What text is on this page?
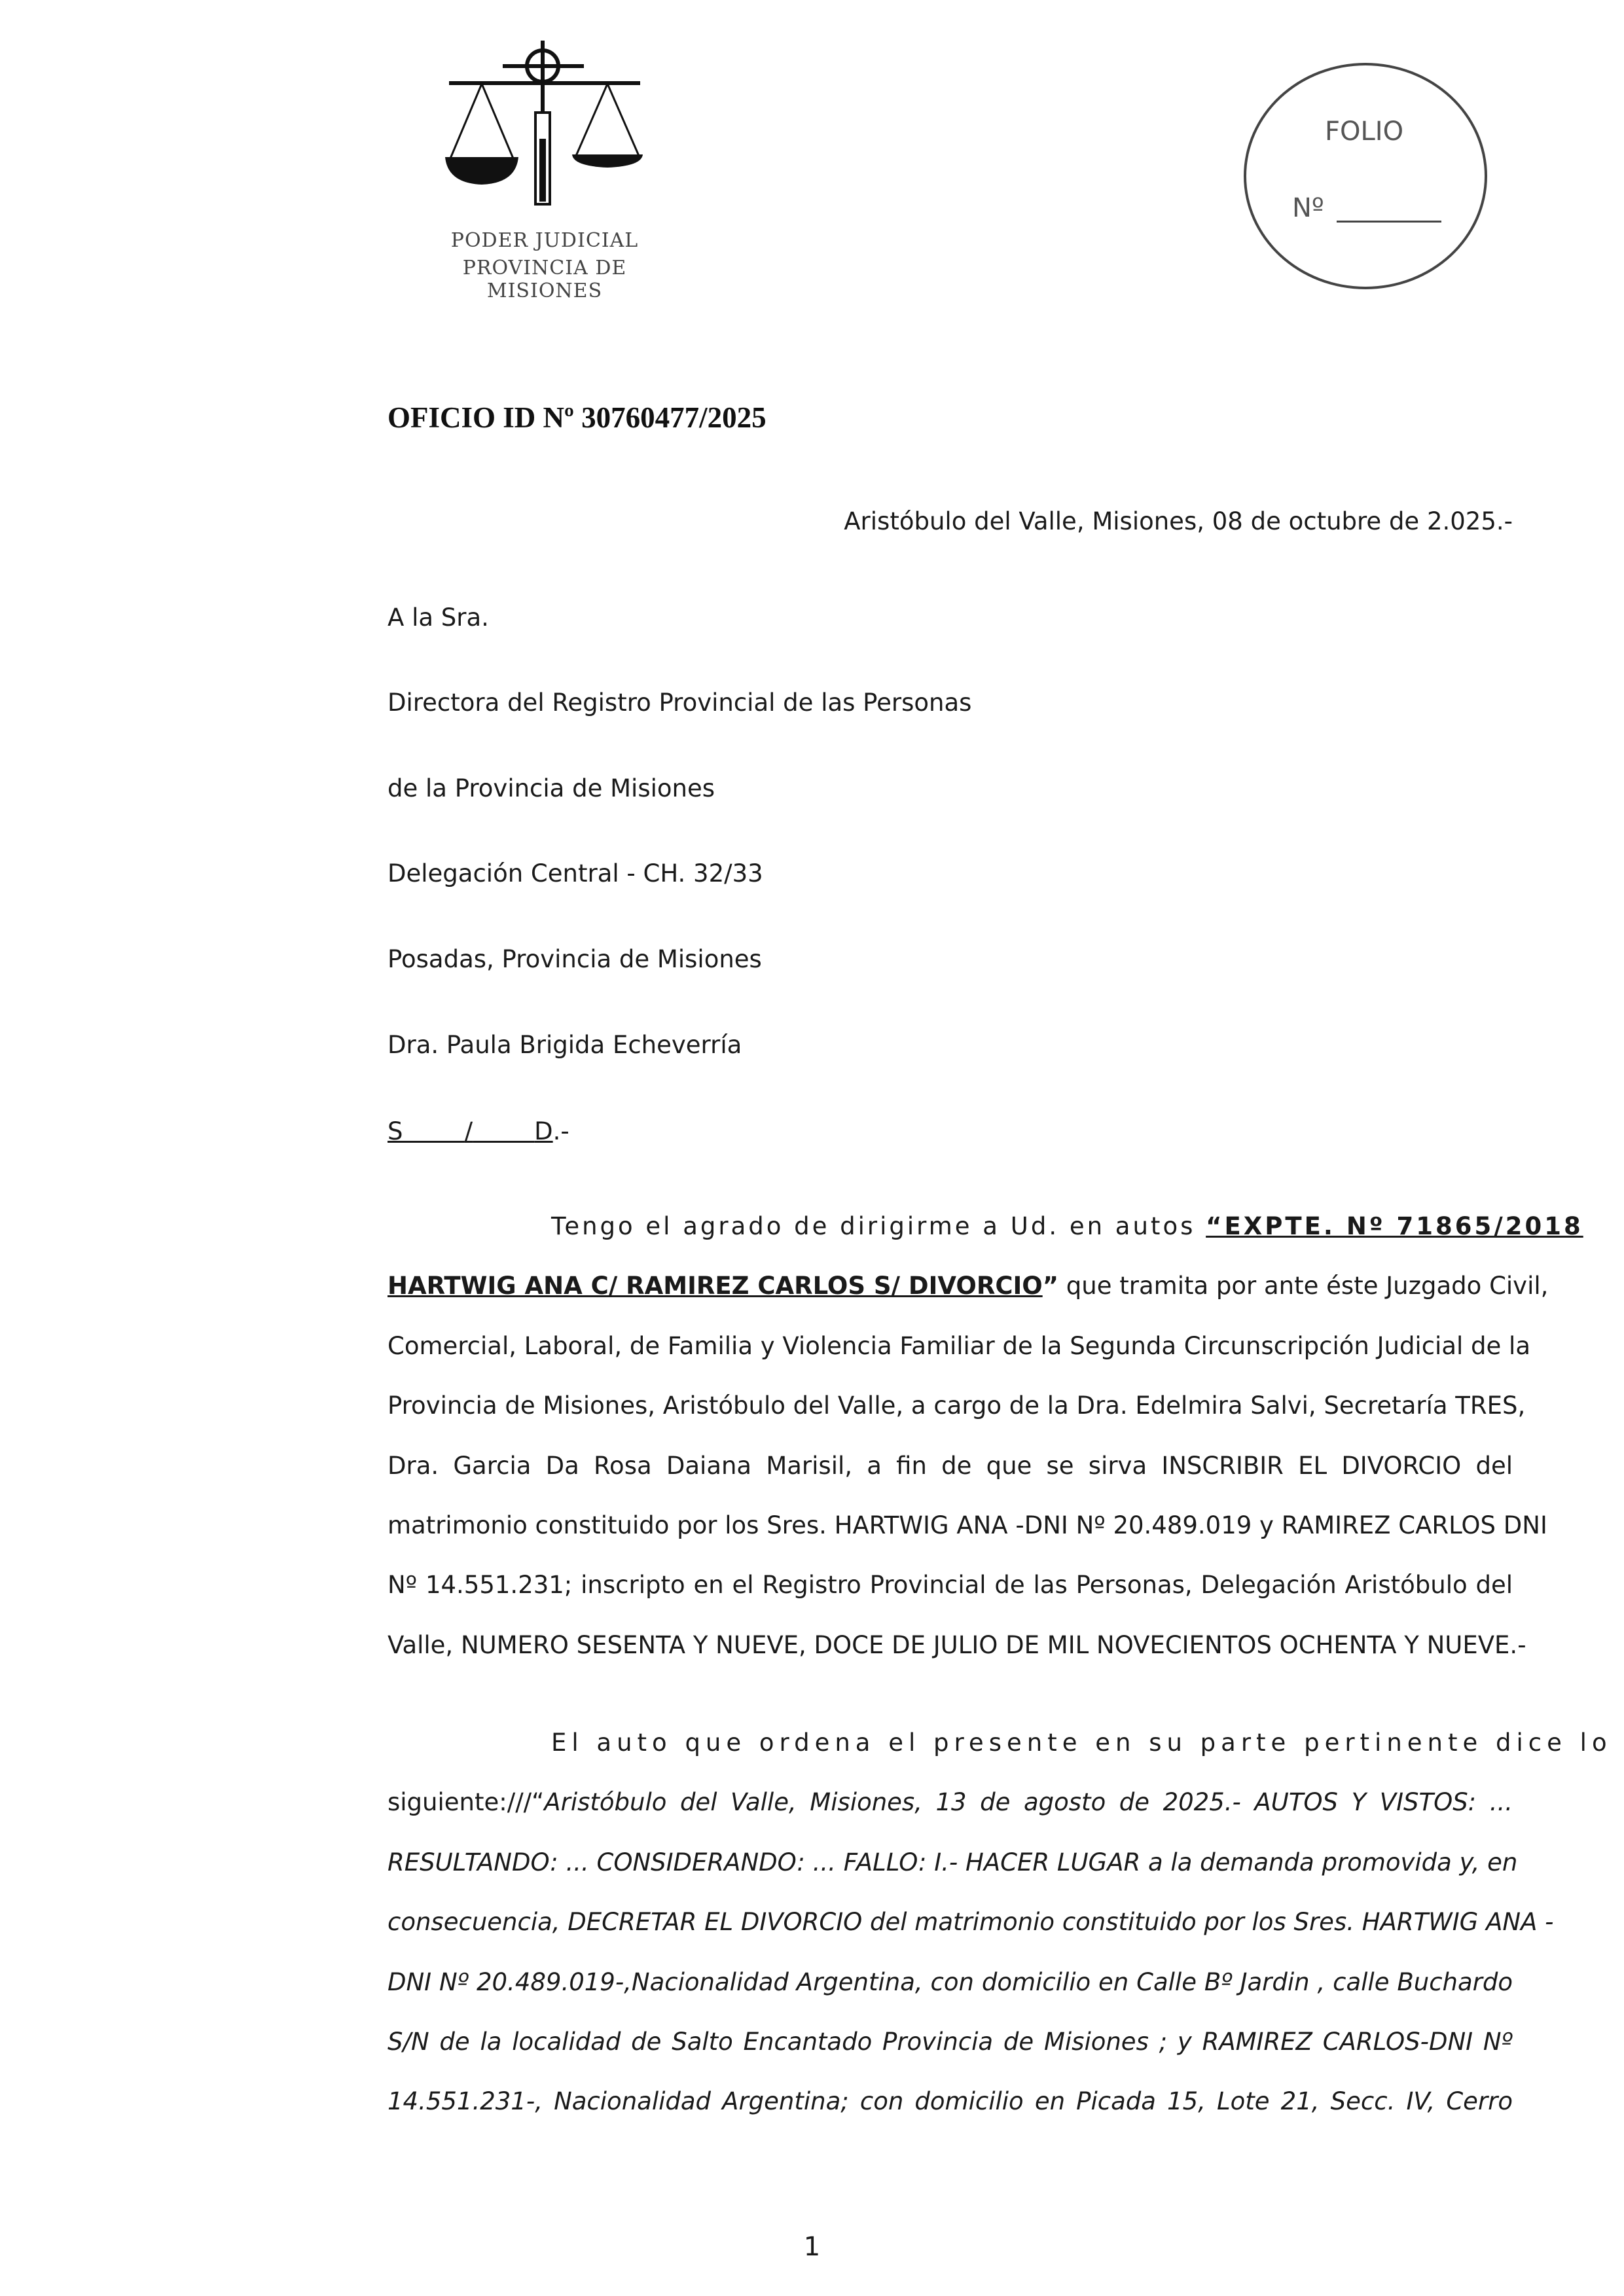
PODER JUDICIAL
PROVINCIA DE MISIONES
FOLIO
Nº
OFICIO ID Nº 30760477/2025
Aristóbulo del Valle, Misiones, 08 de octubre de 2.025.-
A la Sra.
Directora del Registro Provincial de las Personas
de la Provincia de Misiones
Delegación Central - CH. 32/33
Posadas, Provincia de Misiones
Dra. Paula Brigida Echeverría
S	/	D.-
Tengo el agrado de dirigirme a Ud. en autos “EXPTE. Nº 71865/2018
HARTWIG ANA C/ RAMIREZ CARLOS S/ DIVORCIO” que tramita por ante éste Juzgado Civil,
Comercial, Laboral, de Familia y Violencia Familiar de la Segunda Circunscripción Judicial de la
Provincia de Misiones, Aristóbulo del Valle, a cargo de la Dra. Edelmira Salvi, Secretaría TRES,
Dra. Garcia Da Rosa Daiana Marisil, a fin de que se sirva INSCRIBIR EL DIVORCIO del
matrimonio constituido por los Sres. HARTWIG ANA -DNI Nº 20.489.019 y RAMIREZ CARLOS DNI
Nº 14.551.231; inscripto en el Registro Provincial de las Personas, Delegación Aristóbulo del
Valle, NUMERO SESENTA Y NUEVE, DOCE DE JULIO DE MIL NOVECIENTOS OCHENTA Y NUEVE.-
El auto que ordena el presente en su parte pertinente dice lo
siguiente:///“Aristóbulo del Valle, Misiones, 13 de agosto de 2025.- AUTOS Y VISTOS: ...
RESULTANDO: ... CONSIDERANDO: ... FALLO: I.- HACER LUGAR a la demanda promovida y, en
consecuencia, DECRETAR EL DIVORCIO del matrimonio constituido por los Sres. HARTWIG ANA -
DNI Nº 20.489.019-,Nacionalidad Argentina, con domicilio en Calle Bº Jardin , calle Buchardo
S/N de la localidad de Salto Encantado Provincia de Misiones ; y RAMIREZ CARLOS-DNI Nº
14.551.231-, Nacionalidad Argentina; con domicilio en Picada 15, Lote 21, Secc. IV, Cerro
1
